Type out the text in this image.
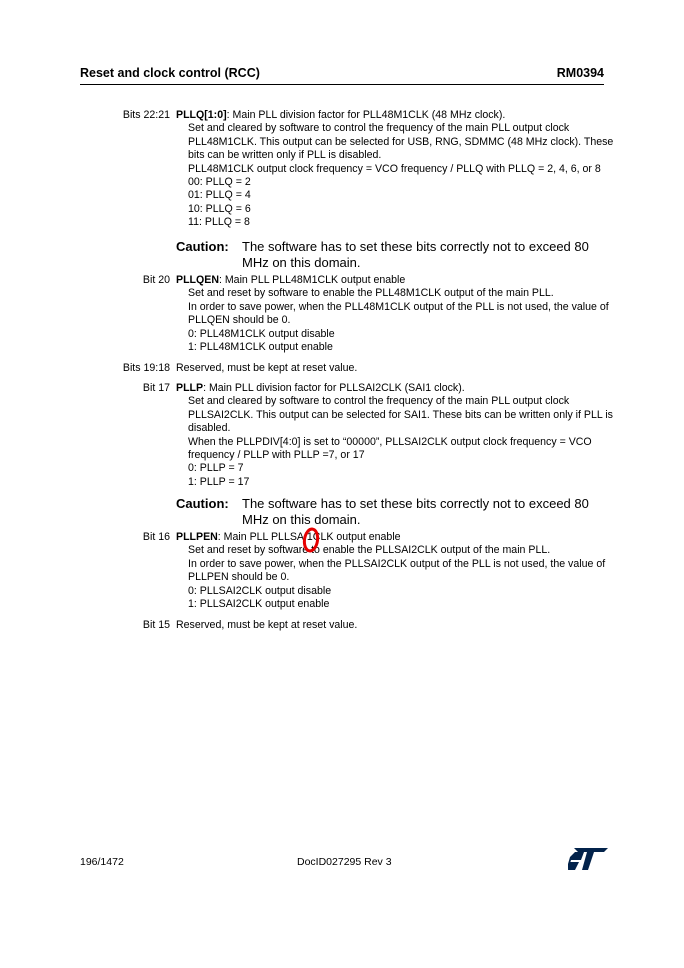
Reset and clock control (RCC)	RM0394
Bits 22:21 PLLQ[1:0]: Main PLL division factor for PLL48M1CLK (48 MHz clock).
Set and cleared by software to control the frequency of the main PLL output clock
PLL48M1CLK. This output can be selected for USB, RNG, SDMMC (48 MHz clock). These
bits can be written only if PLL is disabled.
PLL48M1CLK output clock frequency = VCO frequency / PLLQ with PLLQ = 2, 4, 6, or 8
00: PLLQ = 2
01: PLLQ = 4
10: PLLQ = 6
11: PLLQ = 8
Caution: The software has to set these bits correctly not to exceed 80 MHz on this domain.
Bit 20 PLLQEN: Main PLL PLL48M1CLK output enable
Set and reset by software to enable the PLL48M1CLK output of the main PLL.
In order to save power, when the PLL48M1CLK output of the PLL is not used, the value of
PLLQEN should be 0.
0: PLL48M1CLK output disable
1: PLL48M1CLK output enable
Bits 19:18 Reserved, must be kept at reset value.
Bit 17 PLLP: Main PLL division factor for PLLSAI2CLK (SAI1 clock).
Set and cleared by software to control the frequency of the main PLL output clock
PLLSAI2CLK. This output can be selected for SAI1. These bits can be written only if PLL is
disabled.
When the PLLPDIV[4:0] is set to “00000”, PLLSAI2CLK output clock frequency = VCO
frequency / PLLP with PLLP =7, or 17
0: PLLP = 7
1: PLLP = 17
Caution: The software has to set these bits correctly not to exceed 80 MHz on this domain.
Bit 16 PLLPEN: Main PLL PLLSAI1CLK output enable
Set and reset by software to enable the PLLSAI2CLK output of the main PLL.
In order to save power, when the PLLSAI2CLK output of the PLL is not used, the value of
PLLPEN should be 0.
0: PLLSAI2CLK output disable
1: PLLSAI2CLK output enable
Bit 15 Reserved, must be kept at reset value.
196/1472	DocID027295 Rev 3
